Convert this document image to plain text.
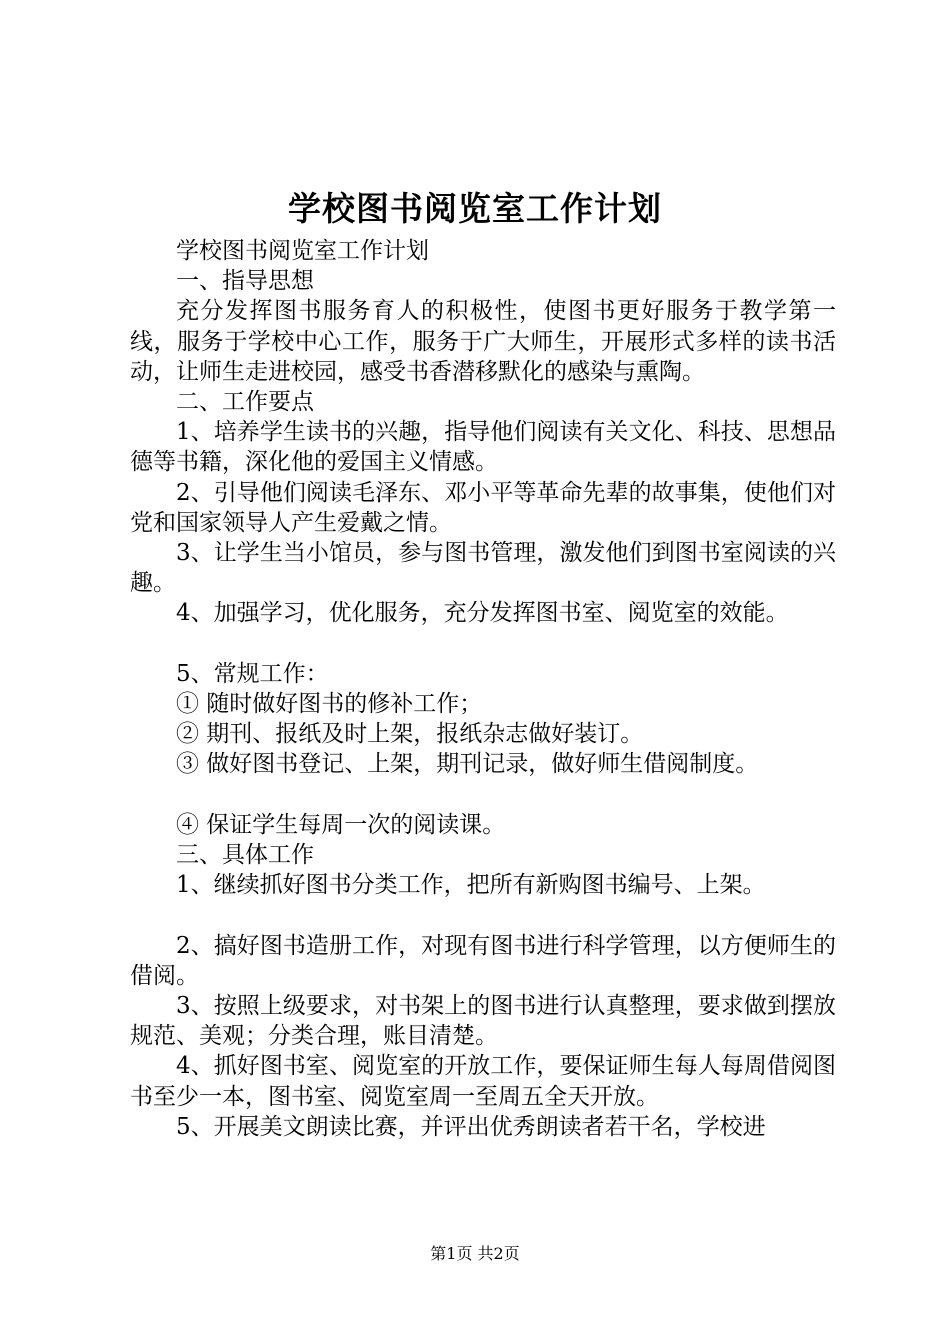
学校图书阅览室工作计划

学校图书阅览室工作计划

一、指导思想

充分发挥图书服务育人的积极性，使图书更好服务于教学第一线，服务于学校中心工作，服务于广大师生，开展形式多样的读书活动，让师生走进校园，感受书香潜移默化的感染与熏陶。

二、工作要点

1、培养学生读书的兴趣，指导他们阅读有关文化、科技、思想品德等书籍，深化他的爱国主义情感。

2、引导他们阅读毛泽东、邓小平等革命先辈的故事集，使他们对党和国家领导人产生爱戴之情。

3、让学生当小馆员，参与图书管理，激发他们到图书室阅读的兴趣。

4、加强学习，优化服务，充分发挥图书室、阅览室的效能。

5、常规工作：

① 随时做好图书的修补工作；

② 期刊、报纸及时上架，报纸杂志做好装订。

③ 做好图书登记、上架，期刊记录，做好师生借阅制度。

④ 保证学生每周一次的阅读课。

三、具体工作

1、继续抓好图书分类工作，把所有新购图书编号、上架。

2、搞好图书造册工作，对现有图书进行科学管理，以方便师生的借阅。

3、按照上级要求，对书架上的图书进行认真整理，要求做到摆放规范、美观；分类合理，账目清楚。

4、抓好图书室、阅览室的开放工作，要保证师生每人每周借阅图书至少一本，图书室、阅览室周一至周五全天开放。

5、开展美文朗读比赛，并评出优秀朗读者若干名，学校进

第1页 共2页
